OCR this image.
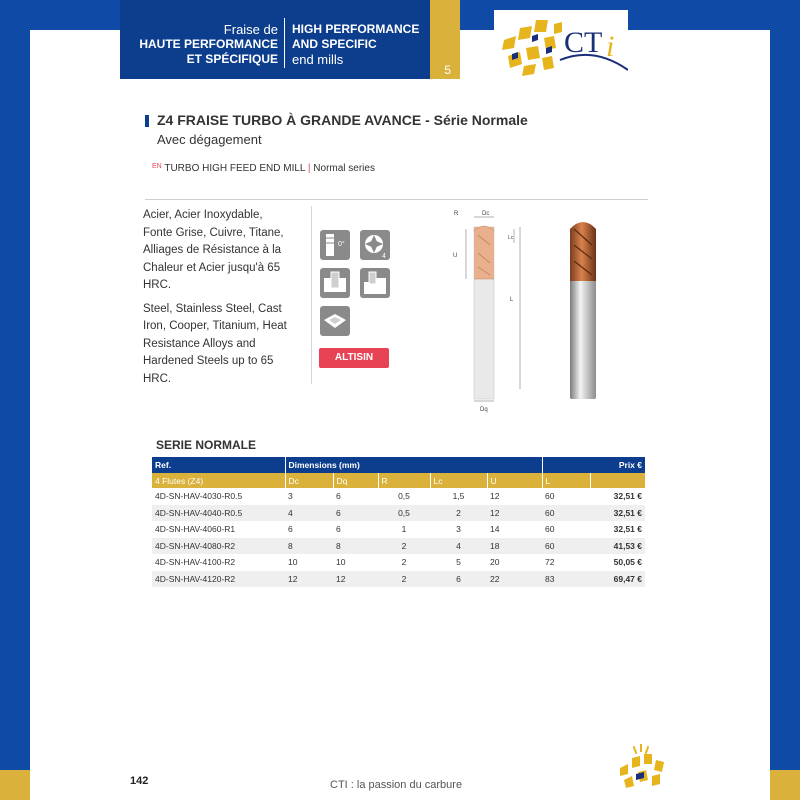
Fraise de
HAUTE PERFORMANCE
ET SPÉCIFIQUE
HIGH PERFORMANCE
AND SPECIFIC
end mills
5
C T i
Z4 FRAISE TURBO À GRANDE AVANCE - Série Normale
Avec dégagement
$^{EN}$ TURBO HIGH FEED END MILL | Normal series

Acier, Acier Inoxydable, Fonte Grise, Cuivre, Titane, Alliages de Résistance à la Chaleur et Acier jusqu'à 65 HRC.

Steel, Stainless Steel, Cast Iron, Cooper, Titanium, Heat Resistance Alloys and Hardened Steels up to 65 HRC.

0°
4
ALTISIN
R	Dc
U
Lc
L
Dq
SERIE NORMALE
Ref.	Dimensions (mm)					Prix €	
4 Flutes (Z4)	Dc	Dq	R	Lc	U	L	
4D-SN-HAV-4030-R0.5	3	6	0,5	1,5	12	60	32,51 €
4D-SN-HAV-4040-R0.5	4	6	0,5	2	12	60	32,51 €
4D-SN-HAV-4060-R1	6	6	1	3	14	60	32,51 €
4D-SN-HAV-4080-R2	8	8	2	4	18	60	41,53 €
4D-SN-HAV-4100-R2	10	10	2	5	20	72	50,05 €
4D-SN-HAV-4120-R2	12	12	2	6	22	83	69,47 €
142	CTI : la passion du carbure
